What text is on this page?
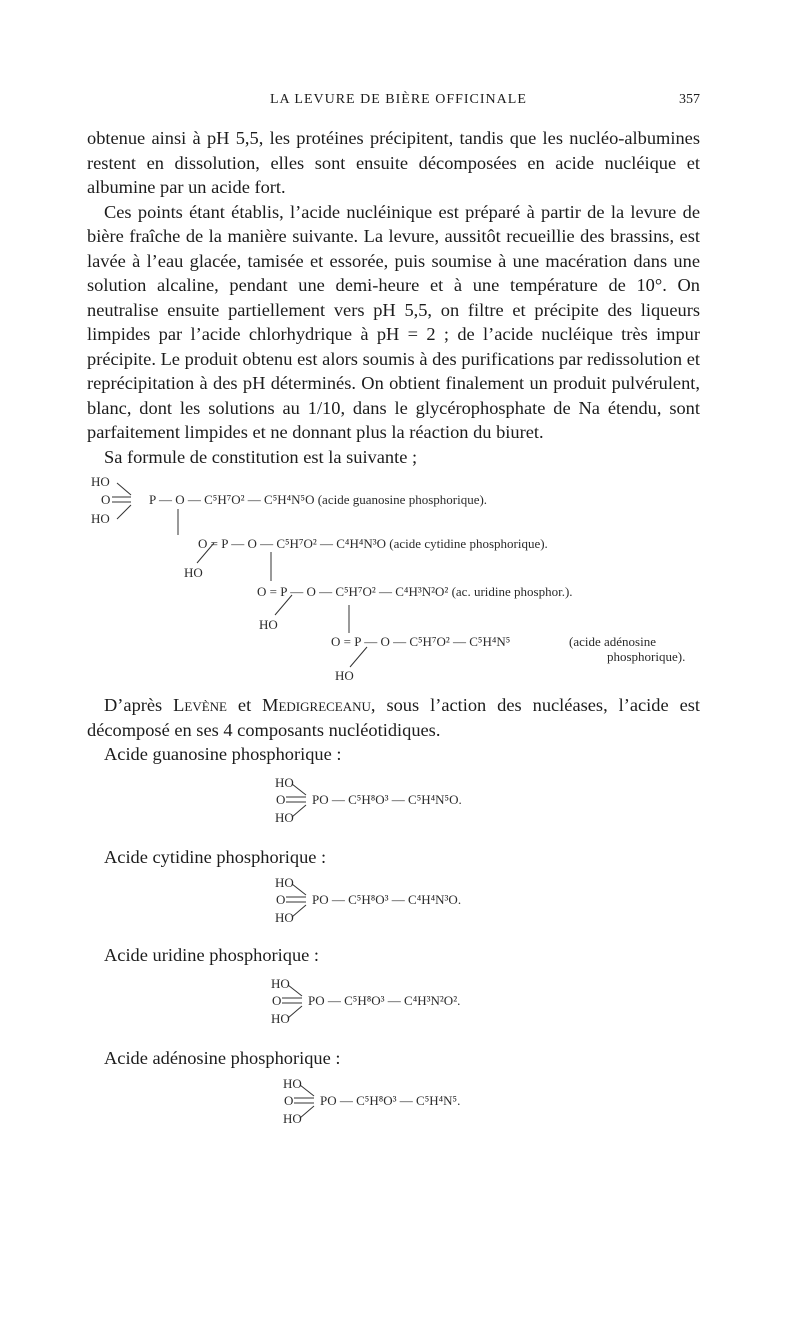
LA LEVURE DE BIÈRE OFFICINALE	357

obtenue ainsi à pH 5,5, les protéines précipitent, tandis que les nucléo-albumines restent en dissolution, elles sont ensuite décomposées en acide nucléique et albumine par un acide fort.

Ces points étant établis, l’acide nucléinique est préparé à partir de la levure de bière fraîche de la manière suivante. La levure, aussitôt recueillie des brassins, est lavée à l’eau glacée, tamisée et essorée, puis soumise à une macération dans une solution alcaline, pendant une demi-heure et à une température de 10°. On neutralise ensuite partiellement vers pH 5,5, on filtre et précipite des liqueurs limpides par l’acide chlorhydrique à pH = 2 ; de l’acide nucléique très impur précipite. Le produit obtenu est alors soumis à des purifications par redissolution et reprécipitation à des pH déterminés. On obtient finalement un produit pulvérulent, blanc, dont les solutions au 1/10, dans le glycérophosphate de Na étendu, sont parfaitement limpides et ne donnant plus la réaction du biuret.

Sa formule de constitution est la suivante ;

HO
O
HO
P — O — C⁵H⁷O² — C⁵H⁴N⁵O (acide guanosine phosphorique).
O = P — O — C⁵H⁷O² — C⁴H⁴N³O (acide cytidine phosphorique).
HO
O = P — O — C⁵H⁷O² — C⁴H³N²O² (ac. uridine phosphor.).
HO
O = P — O — C⁵H⁷O² — C⁵H⁴N⁵	(acide adénosine
phosphorique).
HO

D’après Levène et Medigreceanu, sous l’action des nucléases, l’acide est décomposé en ses 4 composants nucléotidiques.

Acide guanosine phosphorique :

HO
O
HO
PO — C⁵H⁸O³ — C⁵H⁴N⁵O.

Acide cytidine phosphorique :

HO
O
HO
PO — C⁵H⁸O³ — C⁴H⁴N³O.

Acide uridine phosphorique :

HO
O
HO
PO — C⁵H⁸O³ — C⁴H³N²O².

Acide adénosine phosphorique :

HO
O
HO
PO — C⁵H⁸O³ — C⁵H⁴N⁵.
